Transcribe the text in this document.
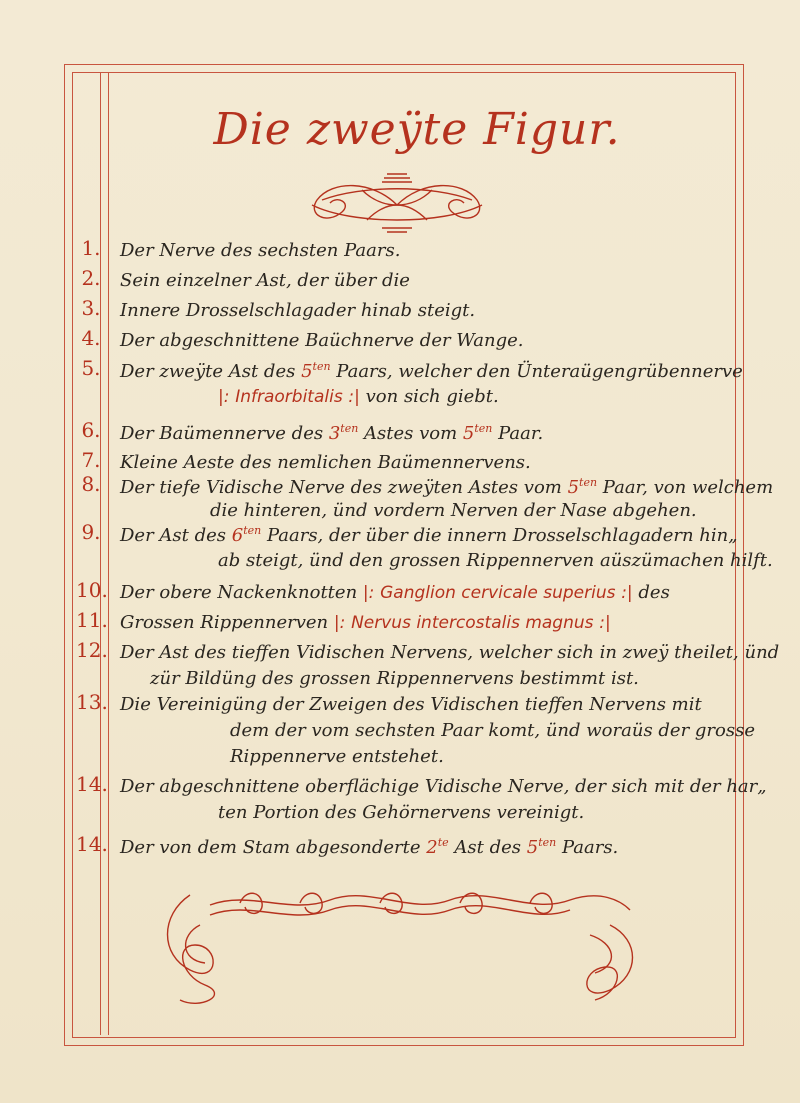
Die zweÿte Figur.
1.	Der Nerve des sechsten Paars.
2.	Sein einzelner Ast, der über die
3.	Innere Drosselschlagader hinab steigt.
4.	Der abgeschnittene Baüchnerve der Wange.
5.	Der zweÿte Ast des $5^{ten}$ Paars, welcher den Ünteraügengrübennerve
|: Infraorbitalis :| von sich giebt.
6.	Der Baümennerve des $3^{ten}$ Astes vom $5^{ten}$ Paar.
7.	Kleine Aeste des nemlichen Baümennervens.
8.	Der tiefe Vidische Nerve des zweÿten Astes vom $5^{ten}$ Paar, von welchem
die hinteren, ünd vordern Nerven der Nase abgehen.
9.	Der Ast des $6^{ten}$ Paars, der über die innern Drosselschlagadern hin„
ab steigt, ünd den grossen Rippennerven aüszümachen hilft.
10. Der obere Nackenknotten |: Ganglion cervicale superius :| des
11. Grossen Rippennerven |: Nervus intercostalis magnus :|
12. Der Ast des tieffen Vidischen Nervens, welcher sich in zweÿ theilet, ünd
zür Bildüng des grossen Rippennervens bestimmt ist.
13. Die Vereinigüng der Zweigen des Vidischen tieffen Nervens mit
dem der vom sechsten Paar komt, ünd woraüs der grosse
Rippennerve entstehet.
14. Der abgeschnittene oberflächige Vidische Nerve, der sich mit der har„
ten Portion des Gehörnervens vereinigt.
14. Der von dem Stam abgesonderte $2^{te}$ Ast des $5^{ten}$ Paars.
